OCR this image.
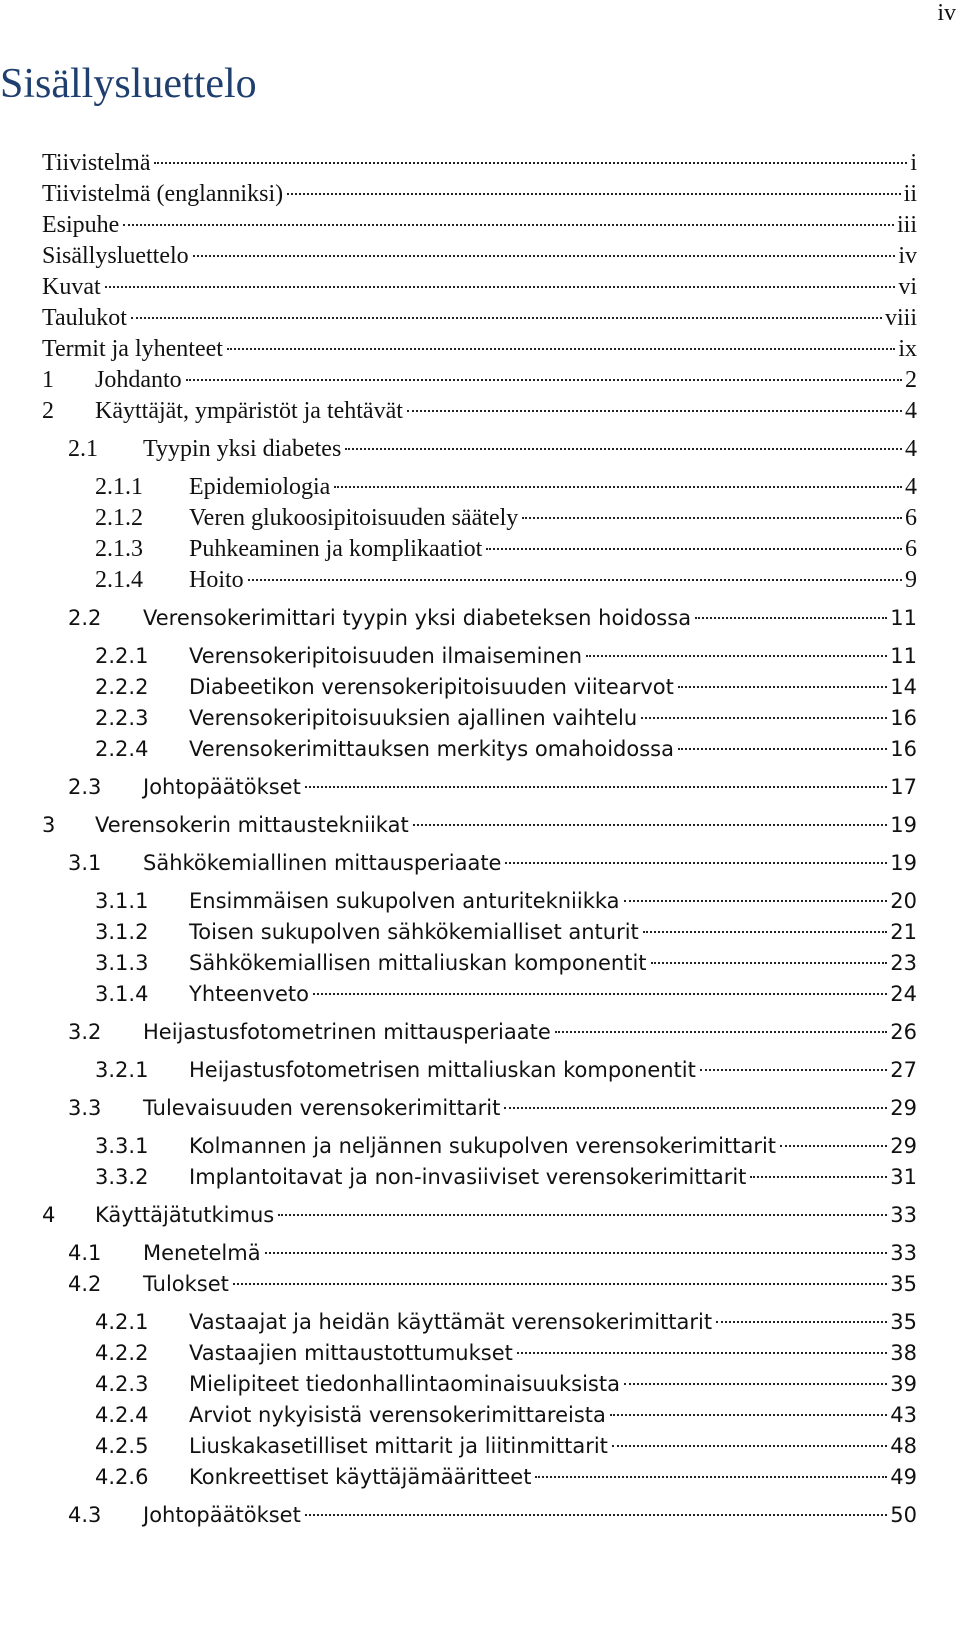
iv
Sisällysluettelo
Tiivistelmä	i
Tiivistelmä (englanniksi)	ii
Esipuhe	iii
Sisällysluettelo	iv
Kuvat	vi
Taulukot	viii
Termit ja lyhenteet	ix
1	Johdanto	2
2	Käyttäjät, ympäristöt ja tehtävät	4
2.1	Tyypin yksi diabetes	4
2.1.1	Epidemiologia	4
2.1.2	Veren glukoosipitoisuuden säätely	6
2.1.3	Puhkeaminen ja komplikaatiot	6
2.1.4	Hoito	9
2.2	Verensokerimittari tyypin yksi diabeteksen hoidossa	11
2.2.1	Verensokeripitoisuuden ilmaiseminen	11
2.2.2	Diabeetikon verensokeripitoisuuden viitearvot	14
2.2.3	Verensokeripitoisuuksien ajallinen vaihtelu	16
2.2.4	Verensokerimittauksen merkitys omahoidossa	16
2.3	Johtopäätökset	17
3	Verensokerin mittaustekniikat	19
3.1	Sähkökemiallinen mittausperiaate	19
3.1.1	Ensimmäisen sukupolven anturitekniikka	20
3.1.2	Toisen sukupolven sähkökemialliset anturit	21
3.1.3	Sähkökemiallisen mittaliuskan komponentit	23
3.1.4	Yhteenveto	24
3.2	Heijastusfotometrinen mittausperiaate	26
3.2.1	Heijastusfotometrisen mittaliuskan komponentit	27
3.3	Tulevaisuuden verensokerimittarit	29
3.3.1	Kolmannen ja neljännen sukupolven verensokerimittarit	29
3.3.2	Implantoitavat ja non-invasiiviset verensokerimittarit	31
4	Käyttäjätutkimus	33
4.1	Menetelmä	33
4.2	Tulokset	35
4.2.1	Vastaajat ja heidän käyttämät verensokerimittarit	35
4.2.2	Vastaajien mittaustottumukset	38
4.2.3	Mielipiteet tiedonhallintaominaisuuksista	39
4.2.4	Arviot nykyisistä verensokerimittareista	43
4.2.5	Liuskakasetilliset mittarit ja liitinmittarit	48
4.2.6	Konkreettiset käyttäjämääritteet	49
4.3	Johtopäätökset	50
